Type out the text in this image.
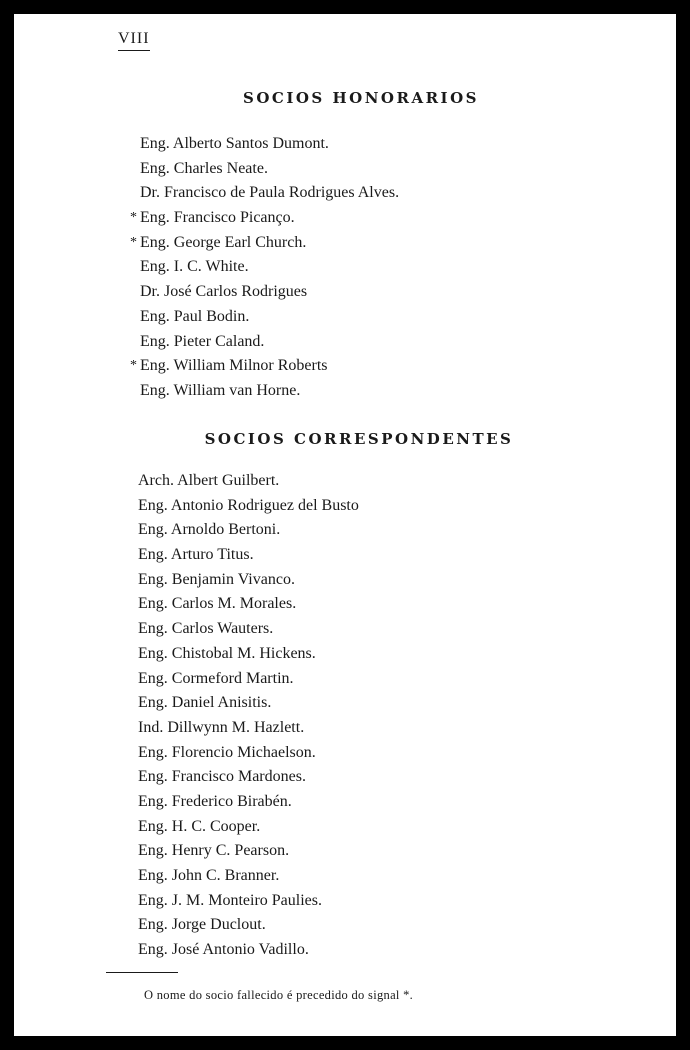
VIII
SOCIOS HONORARIOS
Eng. Alberto Santos Dumont.
Eng. Charles Neate.
Dr. Francisco de Paula Rodrigues Alves.
* Eng. Francisco Picanço.
* Eng. George Earl Church.
Eng. I. C. White.
Dr. José Carlos Rodrigues
Eng. Paul Bodin.
Eng. Pieter Caland.
* Eng. William Milnor Roberts
Eng. William van Horne.
SOCIOS CORRESPONDENTES
Arch. Albert Guilbert.
Eng. Antonio Rodriguez del Busto
Eng. Arnoldo Bertoni.
Eng. Arturo Titus.
Eng. Benjamin Vivanco.
Eng. Carlos M. Morales.
Eng. Carlos Wauters.
Eng. Chistobal M. Hickens.
Eng. Cormeford Martin.
Eng. Daniel Anisitis.
Ind. Dillwynn M. Hazlett.
Eng. Florencio Michaelson.
Eng. Francisco Mardones.
Eng. Frederico Birabén.
Eng. H. C. Cooper.
Eng. Henry C. Pearson.
Eng. John C. Branner.
Eng. J. M. Monteiro Paulies.
Eng. Jorge Duclout.
Eng. José Antonio Vadillo.
O nome do socio fallecido é precedido do signal *.
